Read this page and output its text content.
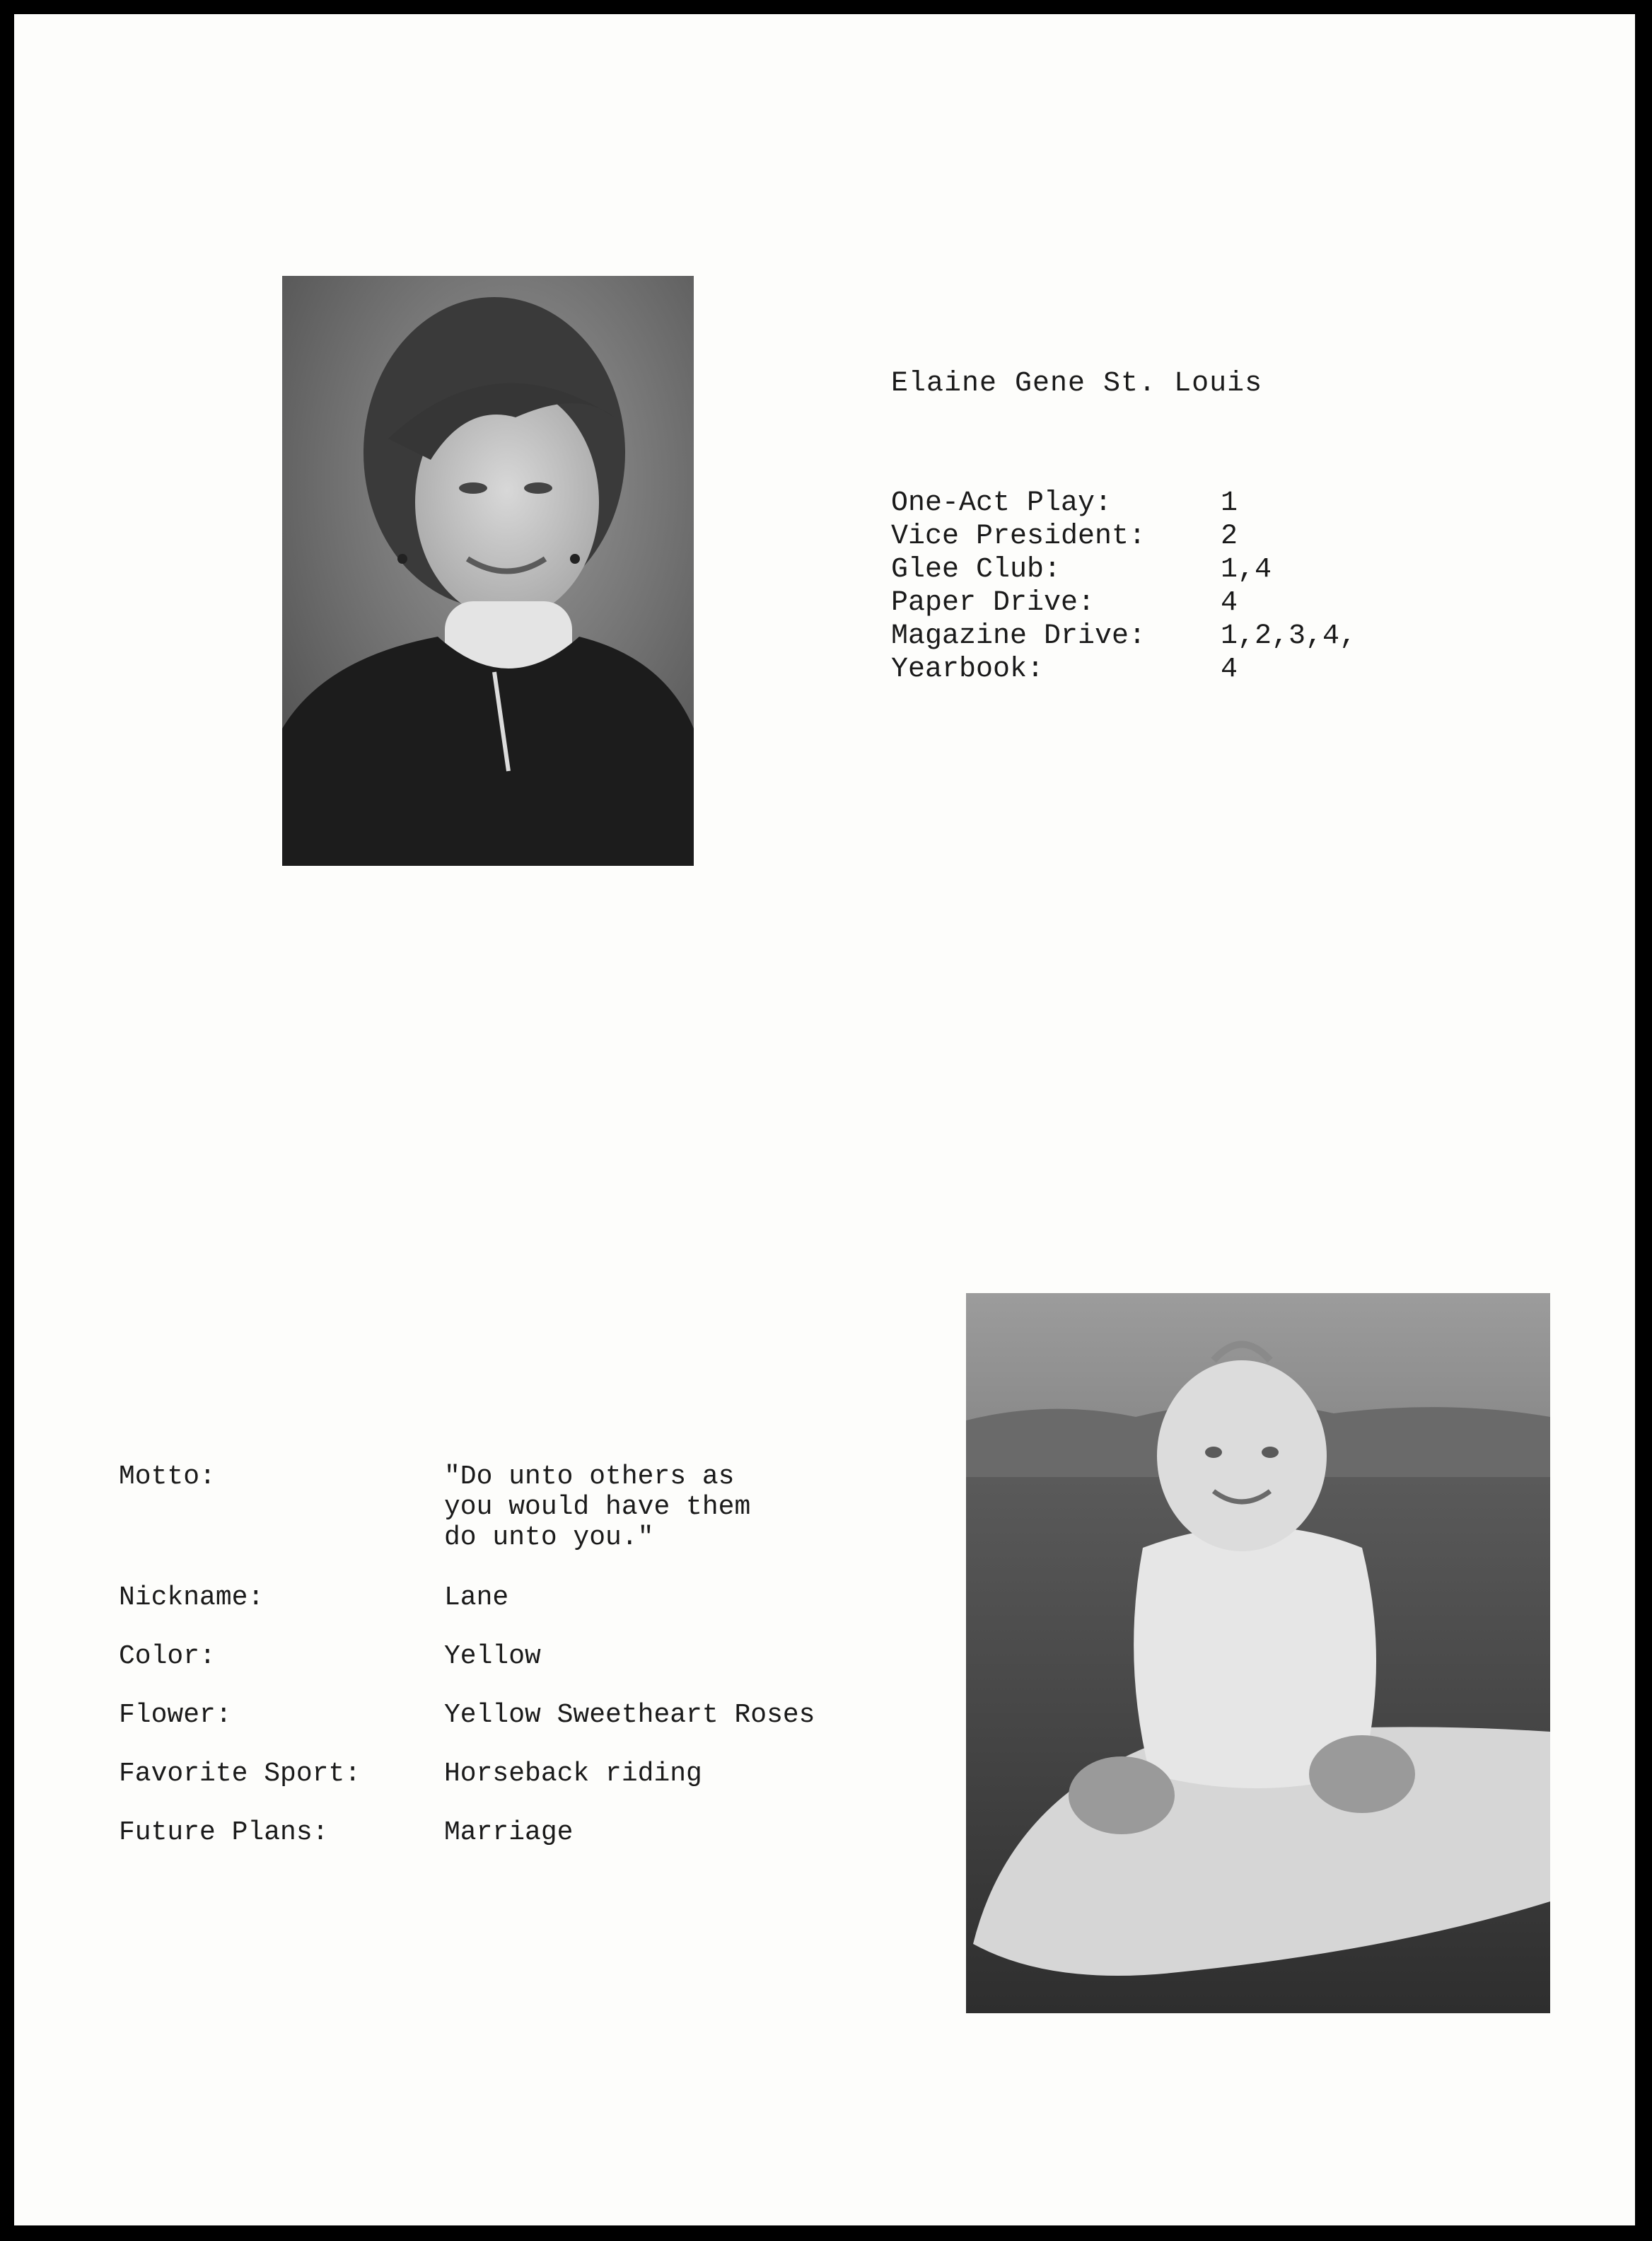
Elaine Gene St. Louis
One-Act Play:	1
Vice President:	2
Glee Club:	1,4
Paper Drive:	4
Magazine Drive:	1,2,3,4,
Yearbook:	4
Motto:	"Do unto others as
you would have them
do unto you."
Nickname:	Lane
Color:	Yellow
Flower:	Yellow Sweetheart Roses
Favorite Sport:	Horseback riding
Future Plans:	Marriage
